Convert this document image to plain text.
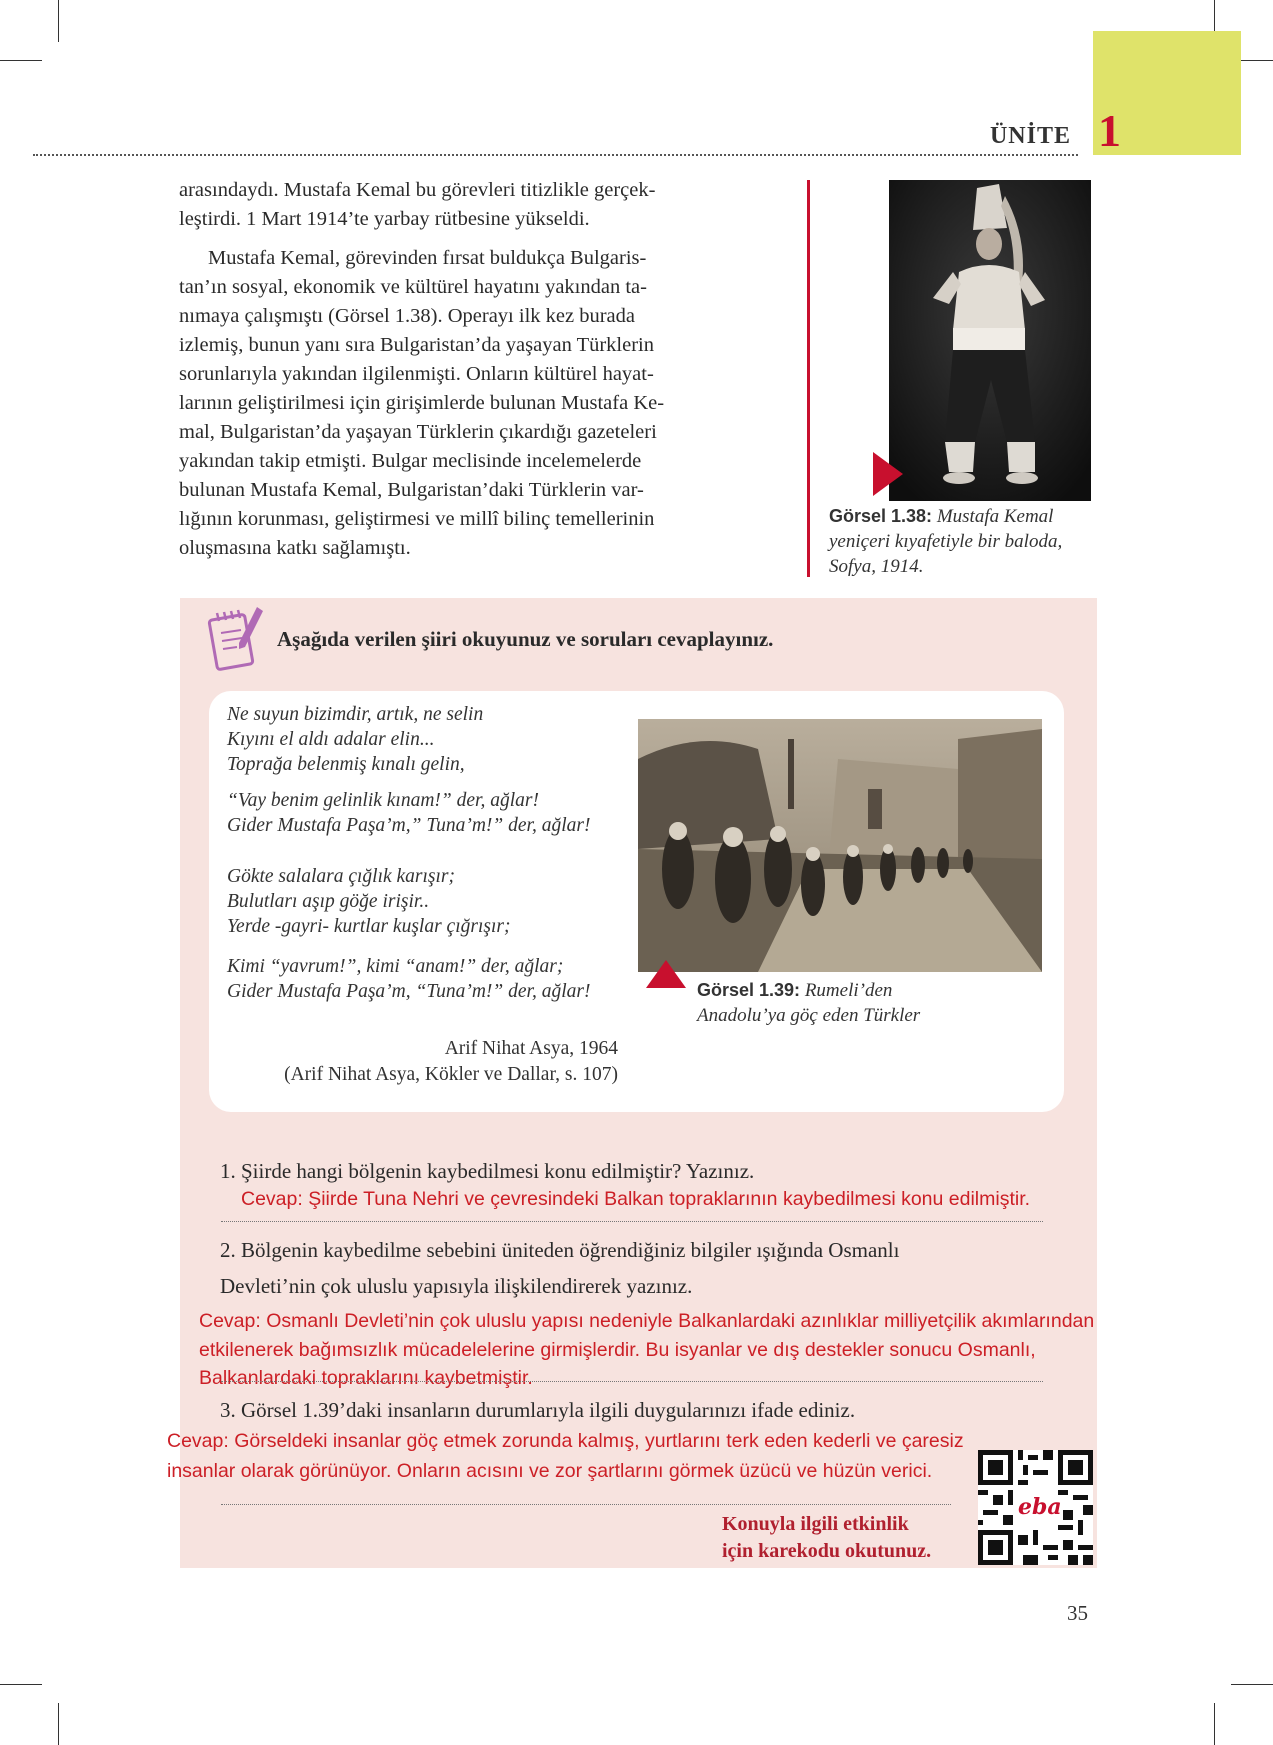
ÜNİTE 1
arasındaydı. Mustafa Kemal bu görevleri titizlikle gerçek-
leştirdi. 1 Mart 1914’te yarbay rütbesine yükseldi.
Mustafa Kemal, görevinden fırsat buldukça Bulgaris-
tan’ın sosyal, ekonomik ve kültürel hayatını yakından ta-
nımaya çalışmıştı (Görsel 1.38). Operayı ilk kez burada
izlemiş, bunun yanı sıra Bulgaristan’da yaşayan Türklerin
sorunlarıyla yakından ilgilenmişti. Onların kültürel hayat-
larının geliştirilmesi için girişimlerde bulunan Mustafa Ke-
mal, Bulgaristan’da yaşayan Türklerin çıkardığı gazeteleri
yakından takip etmişti. Bulgar meclisinde incelemelerde
bulunan Mustafa Kemal, Bulgaristan’daki Türklerin var-
lığının korunması, geliştirmesi ve millî bilinç temellerinin
oluşmasına katkı sağlamıştı.
Görsel 1.38: Mustafa Kemal
yeniçeri kıyafetiyle bir baloda,
Sofya, 1914.
Aşağıda verilen şiiri okuyunuz ve soruları cevaplayınız.
Ne suyun bizimdir, artık, ne selin
Kıyını el aldı adalar elin...
Toprağa belenmiş kınalı gelin,
“Vay benim gelinlik kınam!” der, ağlar!
Gider Mustafa Paşa’m,” Tuna’m!” der, ağlar!
Gökte salalara çığlık karışır;
Bulutları aşıp göğe irişir..
Yerde -gayri- kurtlar kuşlar çığrışır;
Kimi “yavrum!”, kimi “anam!” der, ağlar;
Gider Mustafa Paşa’m, “Tuna’m!” der, ağlar!
Arif Nihat Asya, 1964
(Arif Nihat Asya, Kökler ve Dallar, s. 107)
Görsel 1.39: Rumeli’den
Anadolu’ya göç eden Türkler
1. Şiirde hangi bölgenin kaybedilmesi konu edilmiştir? Yazınız.
Cevap: Şiirde Tuna Nehri ve çevresindeki Balkan topraklarının kaybedilmesi konu edilmiştir.
2. Bölgenin kaybedilme sebebini üniteden öğrendiğiniz bilgiler ışığında Osmanlı
Devleti’nin çok uluslu yapısıyla ilişkilendirerek yazınız.
Cevap: Osmanlı Devleti’nin çok uluslu yapısı nedeniyle Balkanlardaki azınlıklar milliyetçilik akımlarından
etkilenerek bağımsızlık mücadelelerine girmişlerdir. Bu isyanlar ve dış destekler sonucu Osmanlı,
Balkanlardaki topraklarını kaybetmiştir.
3. Görsel 1.39’daki insanların durumlarıyla ilgili duygularınızı ifade ediniz.
Cevap: Görseldeki insanlar göç etmek zorunda kalmış, yurtlarını terk eden kederli ve çaresiz
insanlar olarak görünüyor. Onların acısını ve zor şartlarını görmek üzücü ve hüzün verici.
Konuyla ilgili etkinlik
için karekodu okutunuz.
eba
35
